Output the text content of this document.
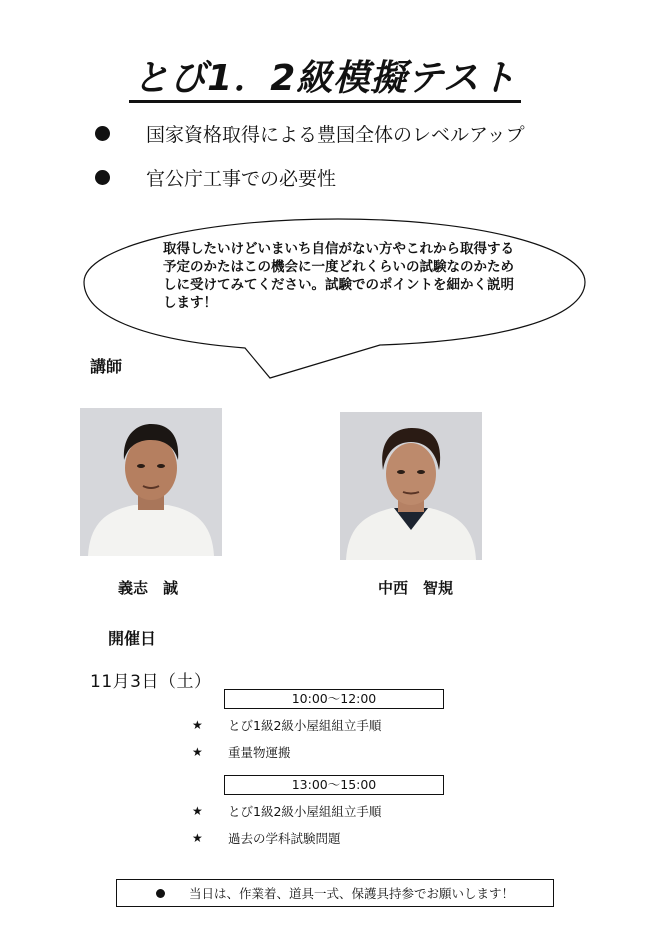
とび1．2級模擬テスト
国家資格取得による豊国全体のレベルアップ
官公庁工事での必要性
取得したいけどいまいち自信がない方やこれから取得する予定のかたはこの機会に一度どれくらいの試験なのかためしに受けてみてください。試験でのポイントを細かく説明します！
講師
義志　誠	中西　智規
開催日
11月3日（土）
10:00～12:00
★	とび1級2級小屋組組立手順
★	重量物運搬
13:00～15:00
★	とび1級2級小屋組組立手順
★	過去の学科試験問題
当日は、作業着、道具一式、保護具持参でお願いします！
